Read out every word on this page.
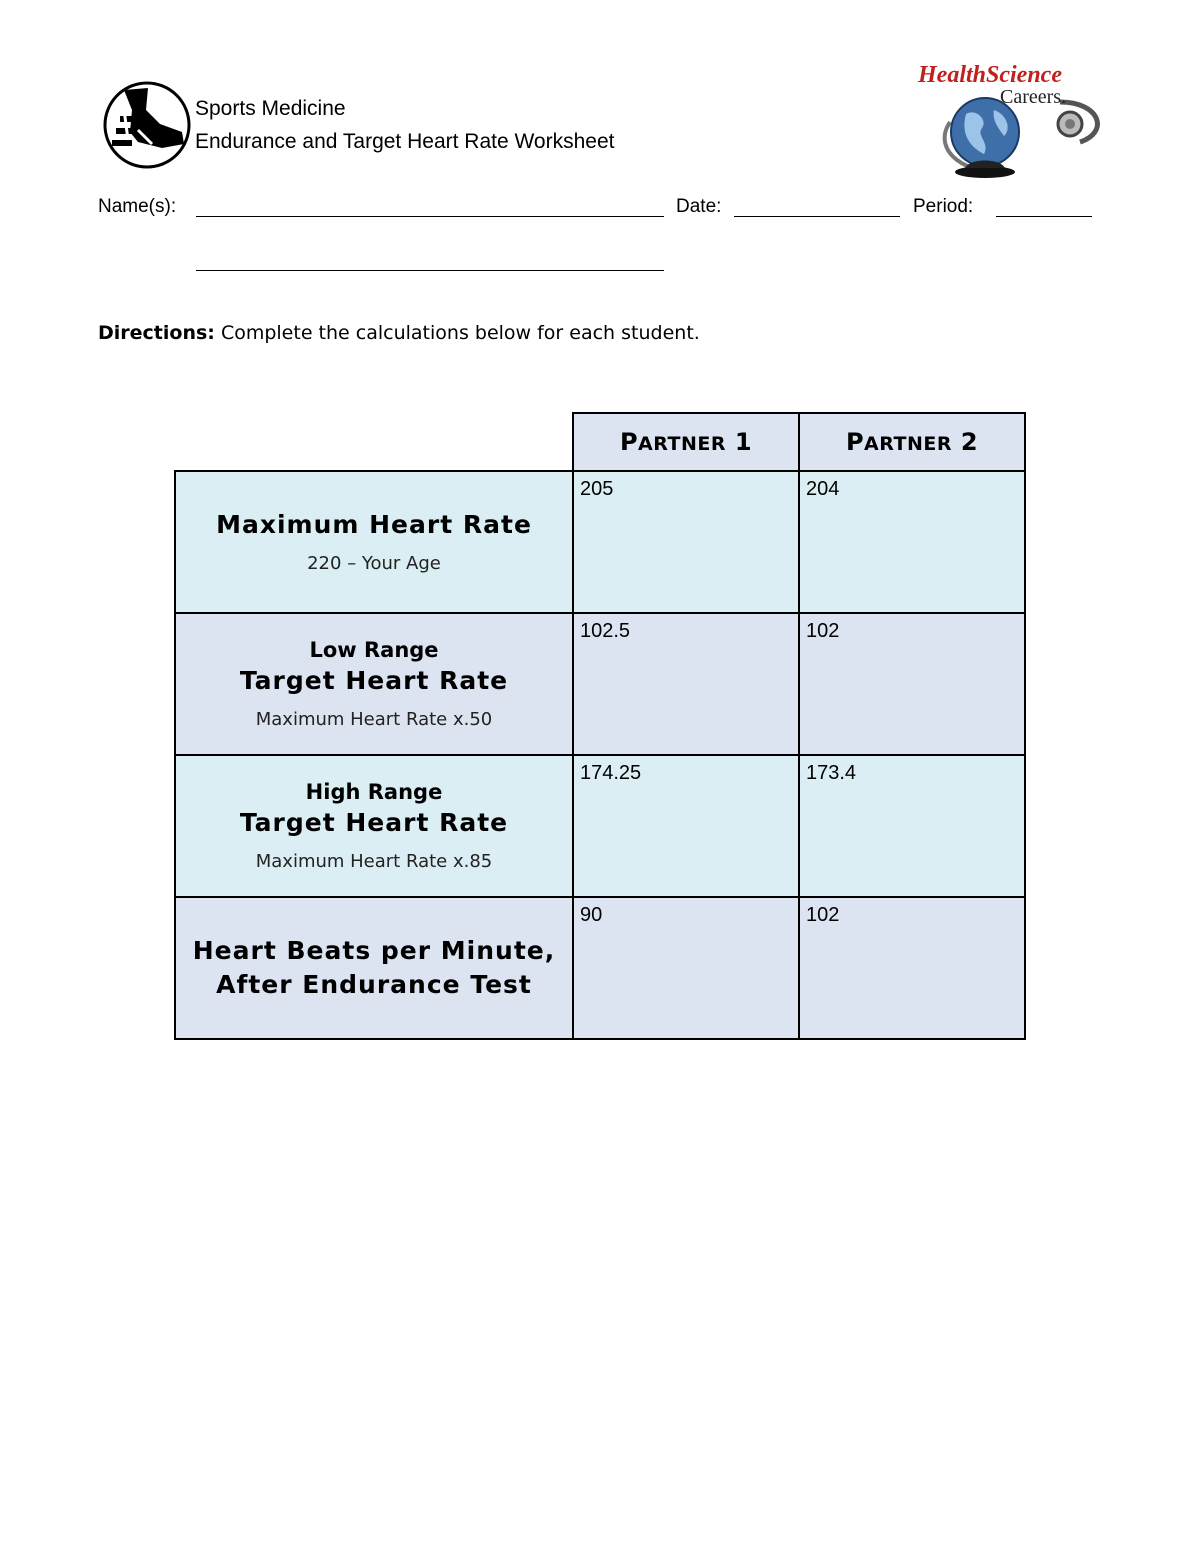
Sports Medicine
Endurance and Target Heart Rate Worksheet
HealthScience
Careers.
Name(s):	Date:	Period:
Directions: Complete the calculations below for each student.
	PARTNER 1	PARTNER 2

Maximum Heart Rate
220 – Your Age	205	204

Low Range
Target Heart Rate
Maximum Heart Rate x.50	102.5	102

High Range
Target Heart Rate
Maximum Heart Rate x.85	174.25	173.4

Heart Beats per Minute,
After Endurance Test	90	102
